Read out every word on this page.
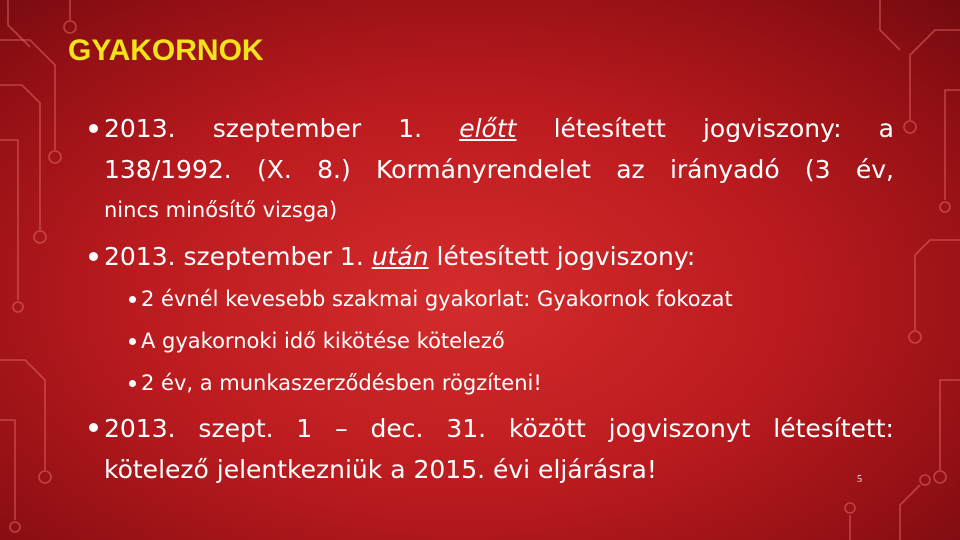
GYAKORNOK
2013. szeptember 1. előtt létesített jogviszony: a
138/1992. (X. 8.) Kormányrendelet az irányadó (3 év,
nincs minősítő vizsga)
2013. szeptember 1. után létesített jogviszony:
2 évnél kevesebb szakmai gyakorlat: Gyakornok fokozat
A gyakornoki idő kikötése kötelező
2 év, a munkaszerződésben rögzíteni!
2013. szept. 1 – dec. 31. között jogviszonyt létesített:
kötelező jelentkezniük a 2015. évi eljárásra!	5
